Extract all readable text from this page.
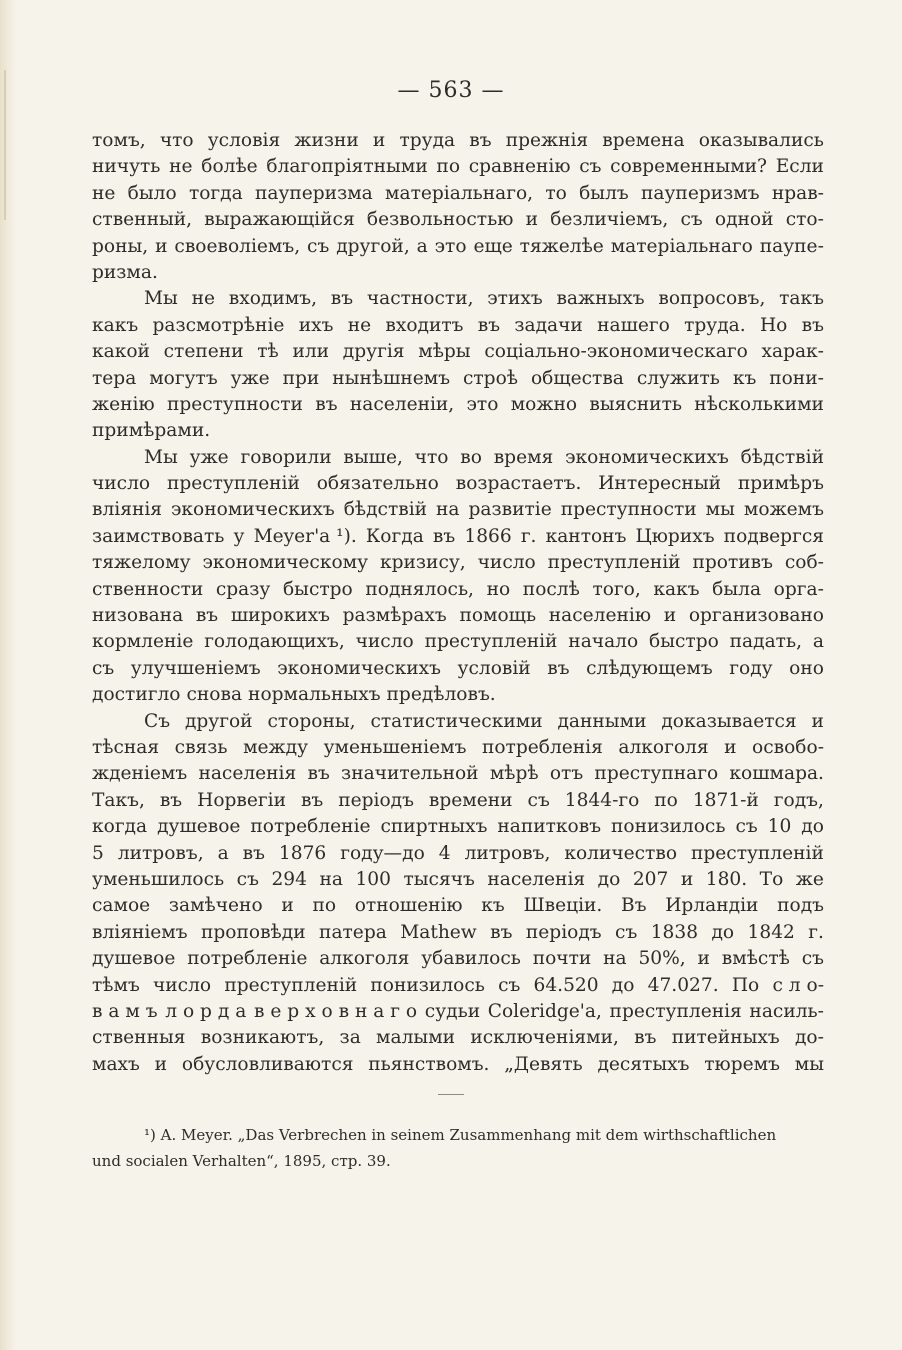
— 563 —
томъ, что условія жизни и труда въ прежнія времена оказывались
ничуть не болѣе благопріятными по сравненію съ современными? Если
не было тогда пауперизма матеріальнаго, то былъ пауперизмъ нрав-
ственный, выражающійся безвольностью и безличіемъ, съ одной сто-
роны, и своеволіемъ, съ другой, а это еще тяжелѣе матеріальнаго паупе-
ризма.
Мы не входимъ, въ частности, этихъ важныхъ вопросовъ, такъ
какъ разсмотрѣніе ихъ не входитъ въ задачи нашего труда. Но въ
какой степени тѣ или другія мѣры соціально-экономическаго харак-
тера могутъ уже при нынѣшнемъ строѣ общества служить къ пони-
женію преступности въ населеніи, это можно выяснить нѣсколькими
примѣрами.
Мы уже говорили выше, что во время экономическихъ бѣдствій
число преступленій обязательно возрастаетъ. Интересный примѣръ
вліянія экономическихъ бѣдствій на развитіе преступности мы можемъ
заимствовать у Meyer'a ¹). Когда въ 1866 г. кантонъ Цюрихъ подвергся
тяжелому экономическому кризису, число преступленій противъ соб-
ственности сразу быстро поднялось, но послѣ того, какъ была орга-
низована въ широкихъ размѣрахъ помощь населенію и организовано
кормленіе голодающихъ, число преступленій начало быстро падать, а
съ улучшеніемъ экономическихъ условій въ слѣдующемъ году оно
достигло снова нормальныхъ предѣловъ.
Съ другой стороны, статистическими данными доказывается и
тѣсная связь между уменьшеніемъ потребленія алкоголя и освобо-
жденіемъ населенія въ значительной мѣрѣ отъ преступнаго кошмара.
Такъ, въ Норвегіи въ періодъ времени съ 1844-го по 1871-й годъ,
когда душевое потребленіе спиртныхъ напитковъ понизилось съ 10 до
5 литровъ, а въ 1876 году—до 4 литровъ, количество преступленій
уменьшилось съ 294 на 100 тысячъ населенія до 207 и 180. То же
самое замѣчено и по отношенію къ Швеціи. Въ Ирландіи подъ
вліяніемъ проповѣди патера Mathew въ періодъ съ 1838 до 1842 г.
душевое потребленіе алкоголя убавилось почти на 50%, и вмѣстѣ съ
тѣмъ число преступленій понизилось съ 64.520 до 47.027. По с л о-
в а м ъ л о р д а в е р х о в н а г о судьи Coleridge'a, преступленія насиль-
ственныя возникаютъ, за малыми исключеніями, въ питейныхъ до-
махъ и обусловливаются пьянствомъ. „Девять десятыхъ тюремъ мы
¹) A. Meyer. „Das Verbrechen in seinem Zusammenhang mit dem wirthschaftlichen
und socialen Verhalten“, 1895, стр. 39.
